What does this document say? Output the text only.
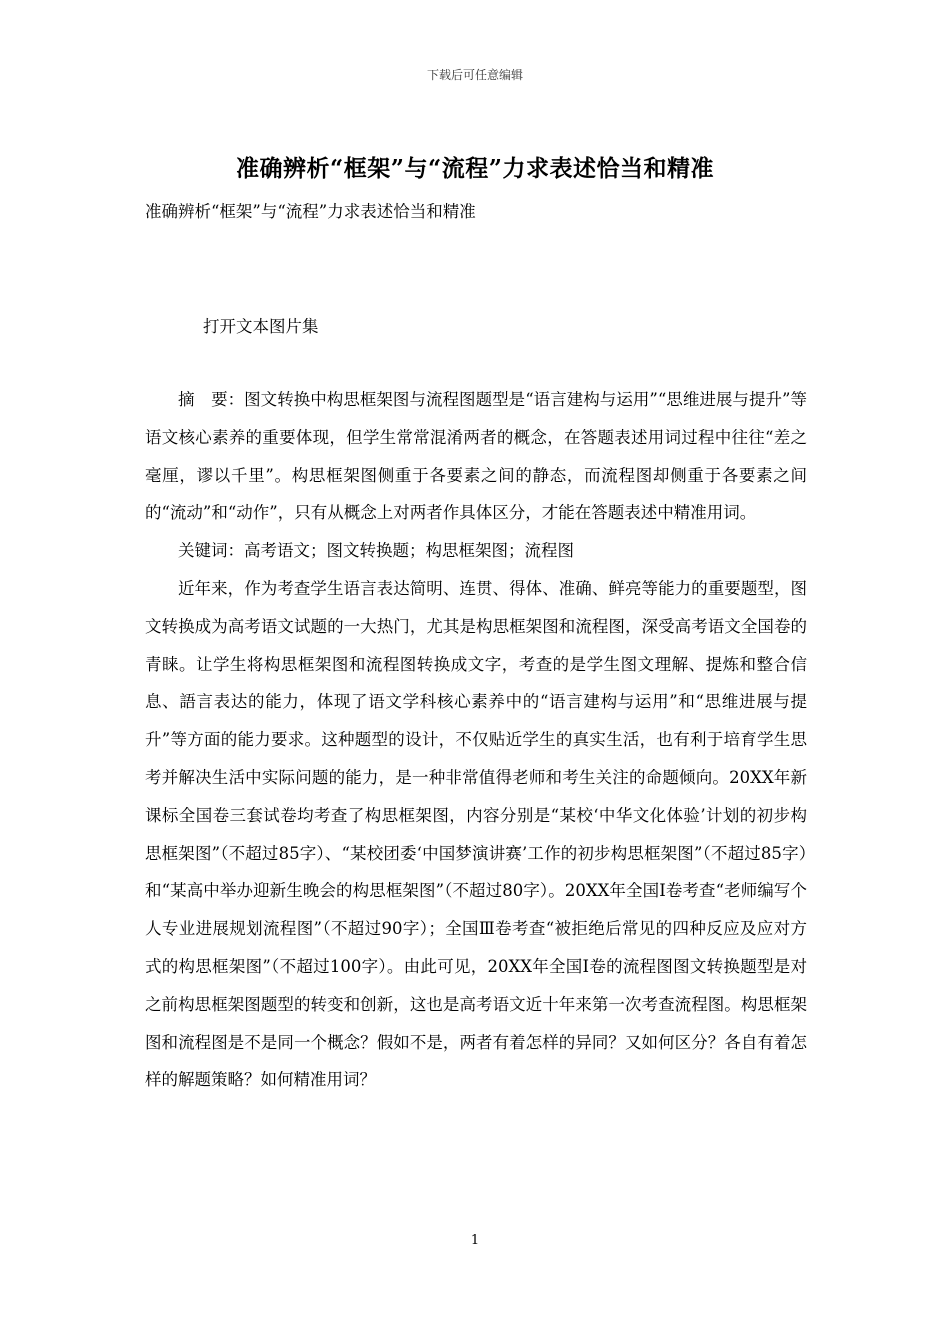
下载后可任意编辑
准确辨析“框架”与“流程”力求表述恰当和精准
准确辨析“框架”与“流程”力求表述恰当和精准
打开文本图片集

摘　要：图文转换中构思框架图与流程图题型是“语言建构与运用”“思维进展与提升”等语文核心素养的重要体现，但学生常常混淆两者的概念，在答题表述用词过程中往往“差之毫厘，谬以千里”。构思框架图侧重于各要素之间的静态，而流程图却侧重于各要素之间的“流动”和“动作”，只有从概念上对两者作具体区分，才能在答题表述中精准用词。

关键词：高考语文；图文转换题；构思框架图；流程图

近年来，作为考查学生语言表达简明、连贯、得体、准确、鲜亮等能力的重要题型，图文转换成为高考语文试题的一大热门，尤其是构思框架图和流程图，深受高考语文全国卷的青睐。让学生将构思框架图和流程图转换成文字，考查的是学生图文理解、提炼和整合信息、語言表达的能力，体现了语文学科核心素养中的“语言建构与运用”和“思维进展与提升”等方面的能力要求。这种题型的设计，不仅贴近学生的真实生活，也有利于培育学生思考并解决生活中实际问题的能力，是一种非常值得老师和考生关注的命题倾向。20XX年新课标全国卷三套试卷均考查了构思框架图，内容分别是“某校‘中华文化体验’计划的初步构思框架图”（不超过85字）、“某校团委‘中国梦演讲赛’工作的初步构思框架图”（不超过85字）和“某高中举办迎新生晚会的构思框架图”（不超过80字）。20XX年全国Ⅰ卷考查“老师编写个人专业进展规划流程图”（不超过90字）；全国Ⅲ卷考查“被拒绝后常见的四种反应及应对方式的构思框架图”（不超过100字）。由此可见，20XX年全国Ⅰ卷的流程图图文转换题型是对之前构思框架图题型的转变和创新，这也是高考语文近十年来第一次考查流程图。构思框架图和流程图是不是同一个概念？假如不是，两者有着怎样的异同？又如何区分？各自有着怎样的解题策略？如何精准用词？

1
